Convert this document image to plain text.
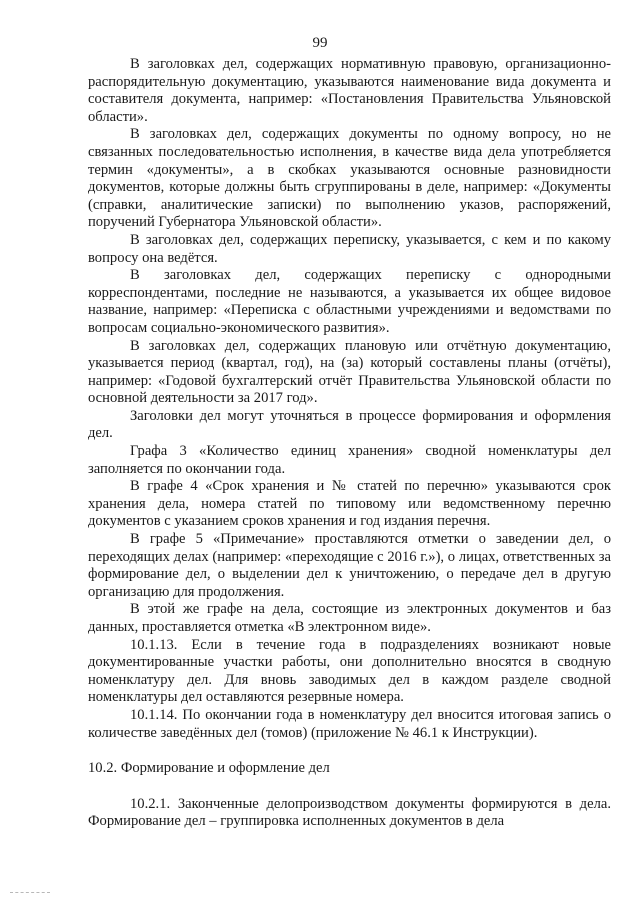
99

В заголовках дел, содержащих нормативную правовую, организационно-распорядительную документацию, указываются наименование вида документа и составителя документа, например: «Постановления Правительства Ульяновской области».

В заголовках дел, содержащих документы по одному вопросу, но не связанных последовательностью исполнения, в качестве вида дела употребляется термин «документы», а в скобках указываются основные разновидности документов, которые должны быть сгруппированы в деле, например: «Документы (справки, аналитические записки) по выполнению указов, распоряжений, поручений Губернатора Ульяновской области».

В заголовках дел, содержащих переписку, указывается, с кем и по какому вопросу она ведётся.

В заголовках дел, содержащих переписку с однородными корреспондентами, последние не называются, а указывается их общее видовое название, например: «Переписка с областными учреждениями и ведомствами по вопросам социально-экономического развития».

В заголовках дел, содержащих плановую или отчётную документацию, указывается период (квартал, год), на (за) который составлены планы (отчёты), например: «Годовой бухгалтерский отчёт Правительства Ульяновской области по основной деятельности за 2017 год».

Заголовки дел могут уточняться в процессе формирования и оформления дел.

Графа 3 «Количество единиц хранения» сводной номенклатуры дел заполняется по окончании года.

В графе 4 «Срок хранения и № статей по перечню» указываются срок хранения дела, номера статей по типовому или ведомственному перечню документов с указанием сроков хранения и год издания перечня.

В графе 5 «Примечание» проставляются отметки о заведении дел, о переходящих делах (например: «переходящие с 2016 г.»), о лицах, ответственных за формирование дел, о выделении дел к уничтожению, о передаче дел в другую организацию для продолжения.

В этой же графе на дела, состоящие из электронных документов и баз данных, проставляется отметка «В электронном виде».

10.1.13. Если в течение года в подразделениях возникают новые документированные участки работы, они дополнительно вносятся в сводную номенклатуру дел. Для вновь заводимых дел в каждом разделе сводной номенклатуры дел оставляются резервные номера.

10.1.14. По окончании года в номенклатуру дел вносится итоговая запись о количестве заведённых дел (томов) (приложение № 46.1 к Инструкции).

10.2. Формирование и оформление дел

10.2.1. Законченные делопроизводством документы формируются в дела. Формирование дел – группировка исполненных документов в дела
